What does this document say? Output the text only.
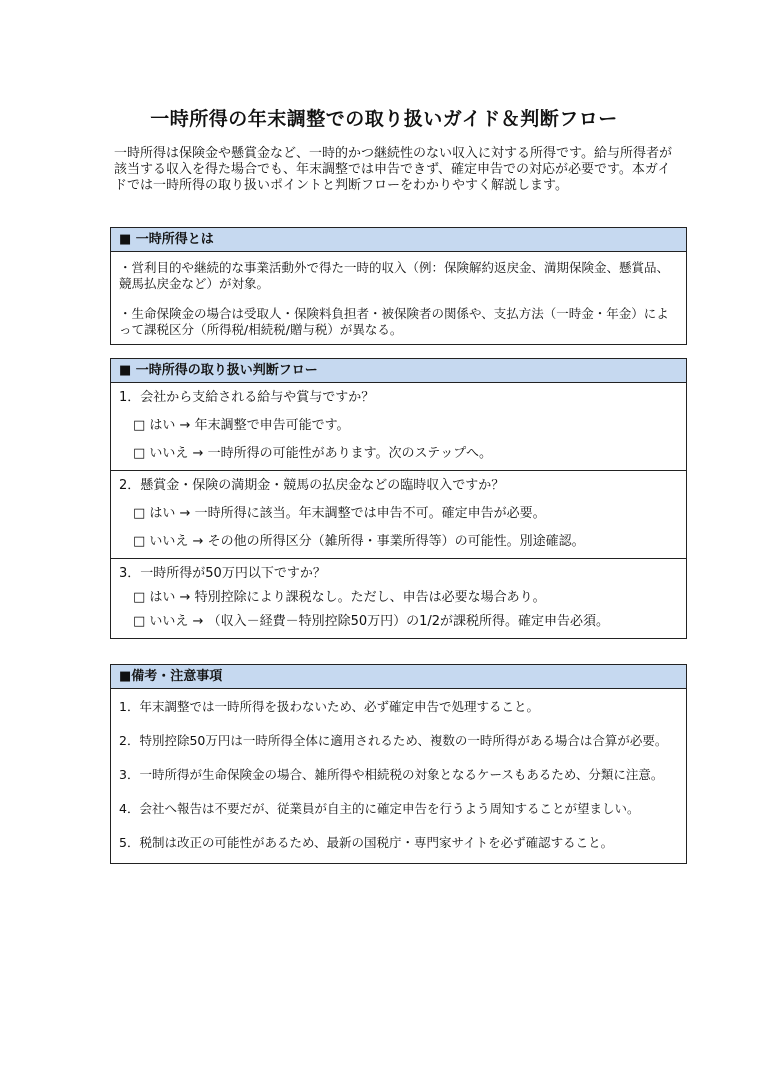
一時所得の年末調整での取り扱いガイド＆判断フロー
一時所得は保険金や懸賞金など、一時的かつ継続性のない収入に対する所得です。給与所得者が該当する収入を得た場合でも、年末調整では申告できず、確定申告での対応が必要です。本ガイドでは一時所得の取り扱いポイントと判断フローをわかりやすく解説します。
■ 一時所得とは

・営利目的や継続的な事業活動外で得た一時的収入（例：保険解約返戻金、満期保険金、懸賞品、競馬払戻金など）が対象。

・生命保険金の場合は受取人・保険料負担者・被保険者の関係や、支払方法（一時金・年金）によって課税区分（所得税/相続税/贈与税）が異なる。

■ 一時所得の取り扱い判断フロー
1．会社から支給される給与や賞与ですか？
□ はい → 年末調整で申告可能です。
□ いいえ → 一時所得の可能性があります。次のステップへ。
2．懸賞金・保険の満期金・競馬の払戻金などの臨時収入ですか？
□ はい → 一時所得に該当。年末調整では申告不可。確定申告が必要。
□ いいえ → その他の所得区分（雑所得・事業所得等）の可能性。別途確認。
3．一時所得が50万円以下ですか？
□ はい → 特別控除により課税なし。ただし、申告は必要な場合あり。
□ いいえ → （収入－経費－特別控除50万円）の1/2が課税所得。確定申告必須。
■備考・注意事項

1．年末調整では一時所得を扱わないため、必ず確定申告で処理すること。

2．特別控除50万円は一時所得全体に適用されるため、複数の一時所得がある場合は合算が必要。

3．一時所得が生命保険金の場合、雑所得や相続税の対象となるケースもあるため、分類に注意。

4．会社へ報告は不要だが、従業員が自主的に確定申告を行うよう周知することが望ましい。

5．税制は改正の可能性があるため、最新の国税庁・専門家サイトを必ず確認すること。
